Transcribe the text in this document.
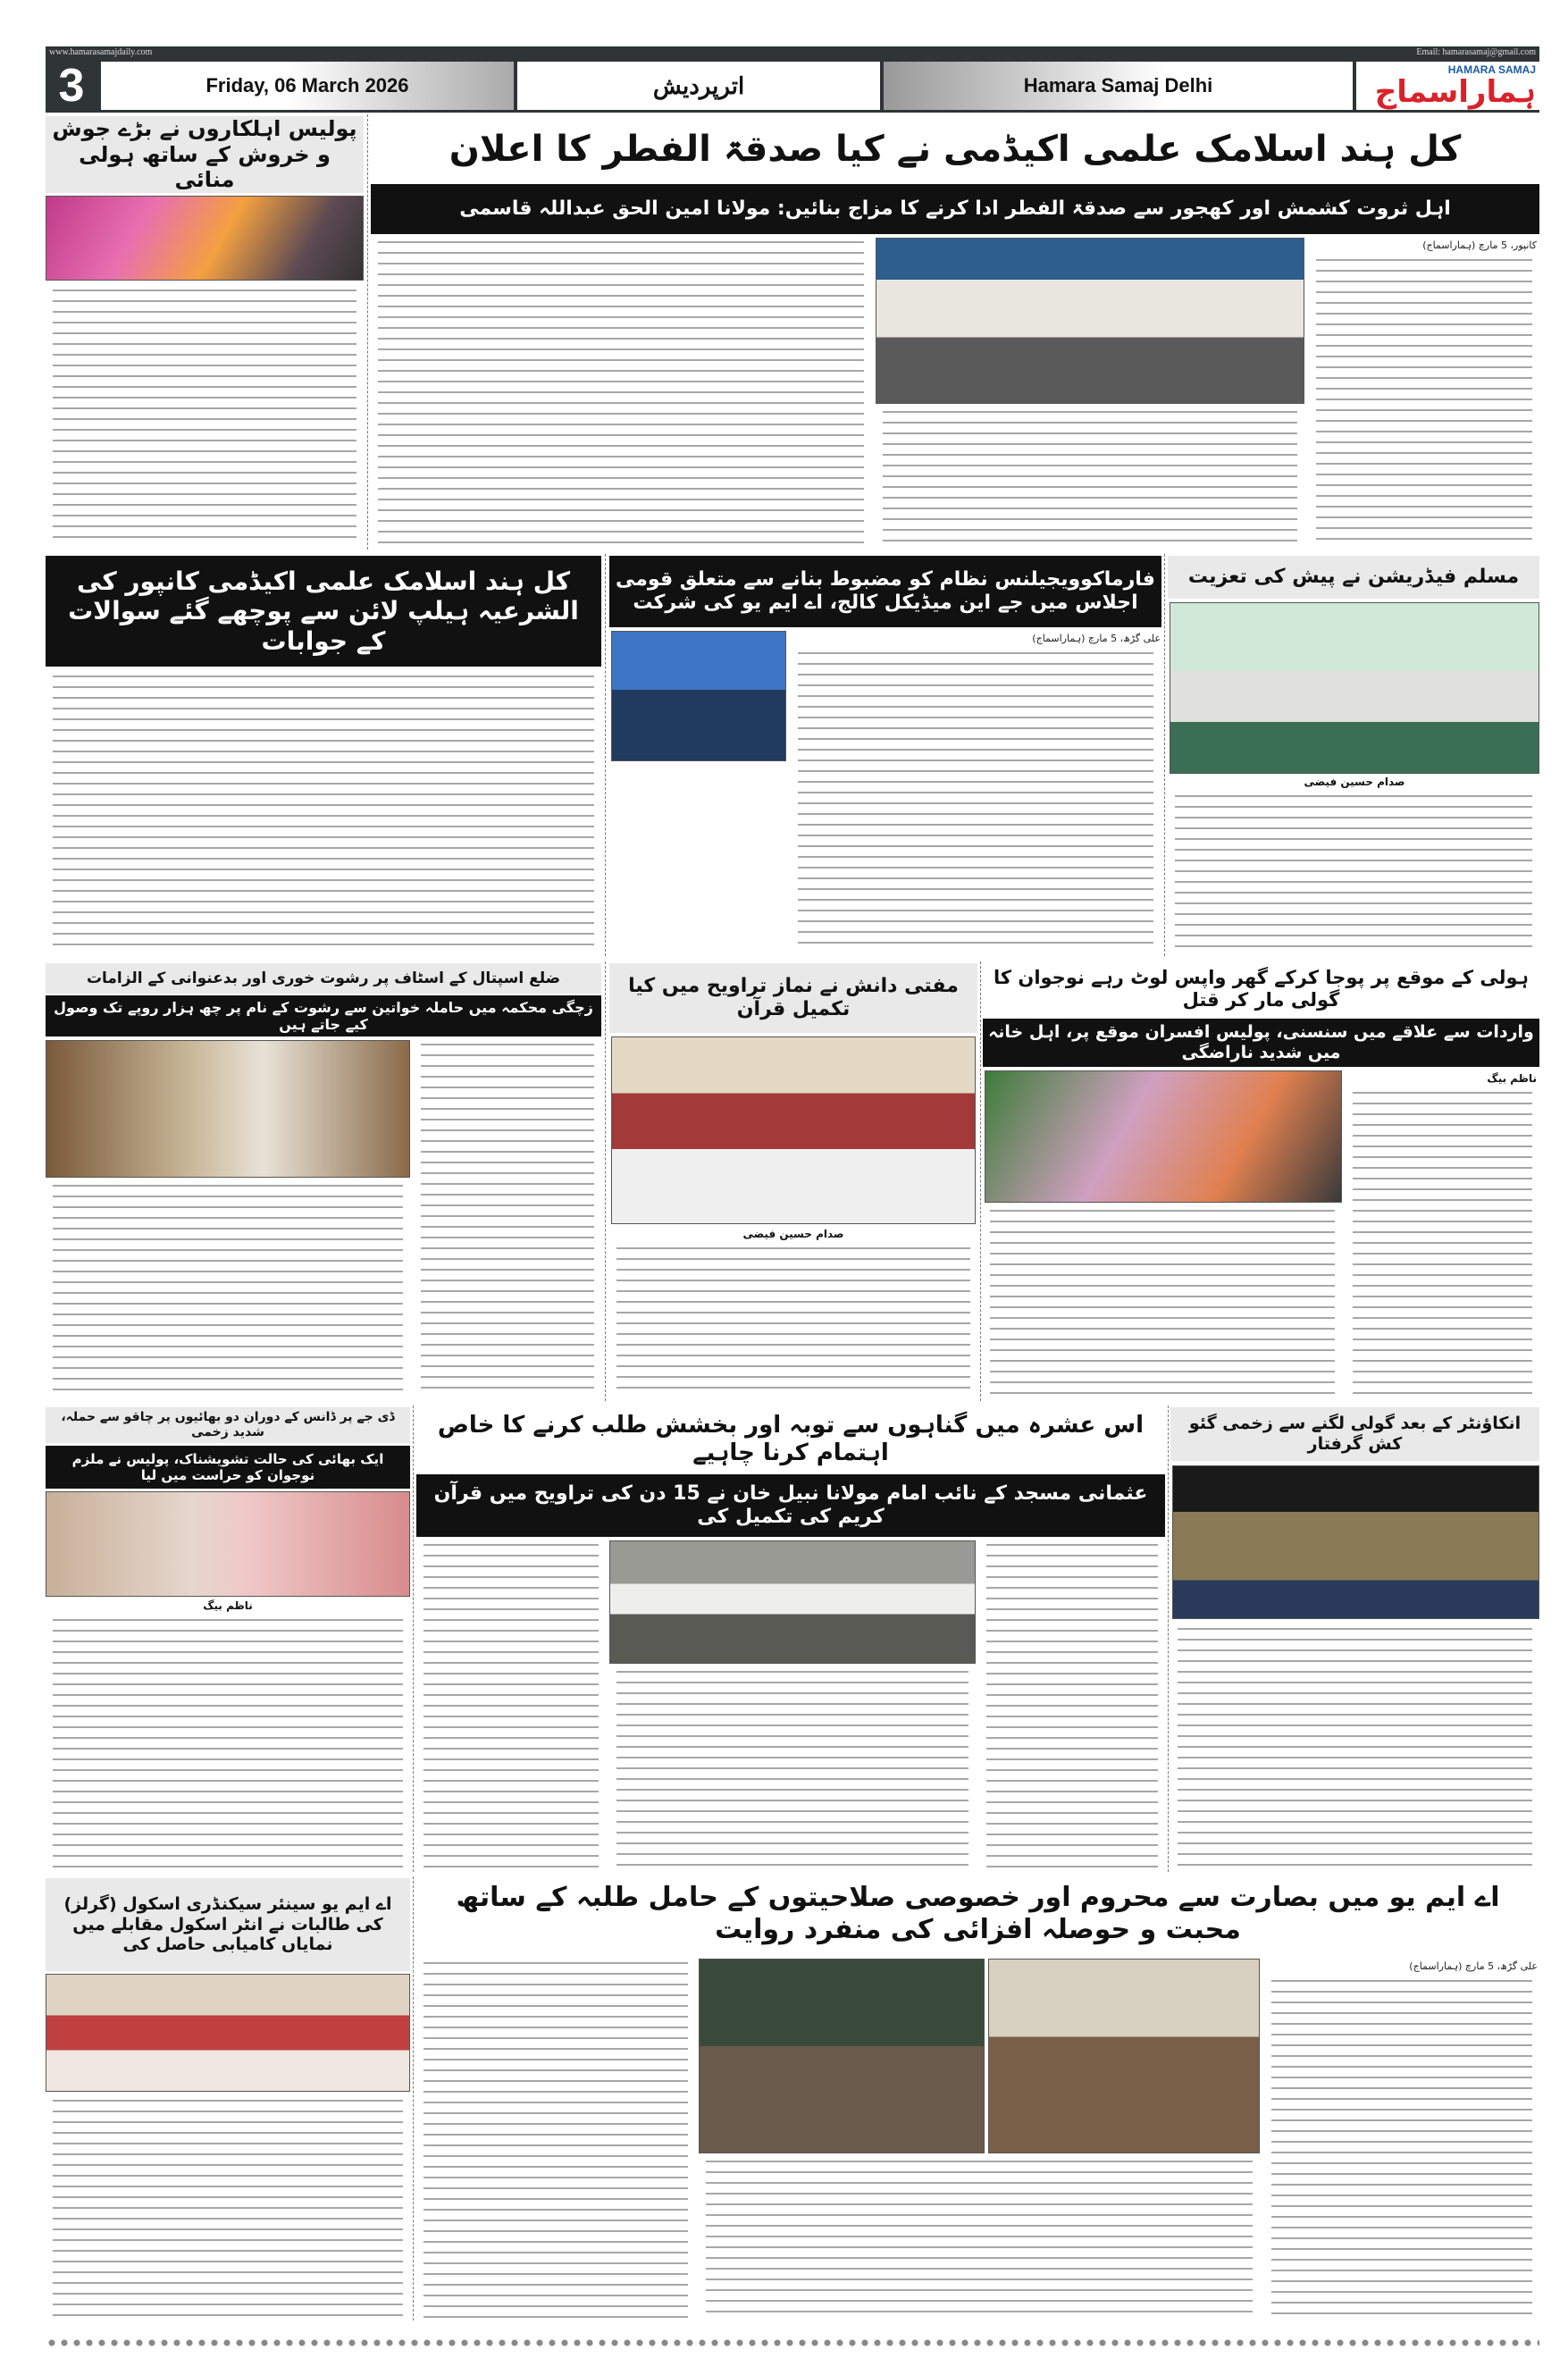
www.hamarasamajdaily.com	Email: hamarasamaj@gmail.com
3	Friday, 06 March 2026	اترپردیش	Hamara Samaj Delhi
HAMARA SAMAJ
ہماراسماج
پولیس اہلکاروں نے بڑے جوش و خروش کے ساتھ ہولی منائی
کل ہند اسلامک علمی اکیڈمی نے کیا صدقۃ الفطر کا اعلان
اہل ثروت کشمش اور کھجور سے صدقۃ الفطر ادا کرنے کا مزاج بنائیں: مولانا امین الحق عبداللہ قاسمی
کانپور، 5 مارچ (ہماراسماج)
کل ہند اسلامک علمی اکیڈمی کانپور کی الشرعیہ ہیلپ لائن سے پوچھے گئے سوالات کے جوابات
فارماکوویجیلنس نظام کو مضبوط بنانے سے متعلق قومی اجلاس میں جے این میڈیکل کالج، اے ایم یو کی شرکت
علی گڑھ، 5 مارچ (ہماراسماج)
مسلم فیڈریشن نے پیش کی تعزیت
صدام حسین فیضی
ضلع اسپتال کے اسٹاف پر رشوت خوری اور بدعنوانی کے الزامات
زچگی محکمہ میں حاملہ خواتین سے رشوت کے نام پر چھ ہزار روپے تک وصول کیے جاتے ہیں
مفتی دانش نے نماز تراویح میں کیا تکمیل قرآن
صدام حسین فیضی
ہولی کے موقع پر پوجا کرکے گھر واپس لوٹ رہے نوجوان کا گولی مار کر قتل
واردات سے علاقے میں سنسنی، پولیس افسران موقع پر، اہل خانہ میں شدید ناراضگی
ناظم بیگ
ڈی جے پر ڈانس کے دوران دو بھائیوں پر چاقو سے حملہ، شدید زخمی
ایک بھائی کی حالت تشویشناک، پولیس نے ملزم نوجوان کو حراست میں لیا
ناظم بیگ
اس عشرہ میں گناہوں سے توبہ اور بخشش طلب کرنے کا خاص اہتمام کرنا چاہیے
عثمانی مسجد کے نائب امام مولانا نبیل خان نے 15 دن کی تراویح میں قرآن کریم کی تکمیل کی
انکاؤنٹر کے بعد گولی لگنے سے زخمی گئو کش گرفتار
اے ایم یو سینئر سیکنڈری اسکول (گرلز) کی طالبات نے انٹر اسکول مقابلے میں نمایاں کامیابی حاصل کی
اے ایم یو میں بصارت سے محروم اور خصوصی صلاحیتوں کے حامل طلبہ کے ساتھ محبت و حوصلہ افزائی کی منفرد روایت
علی گڑھ، 5 مارچ (ہماراسماج)
